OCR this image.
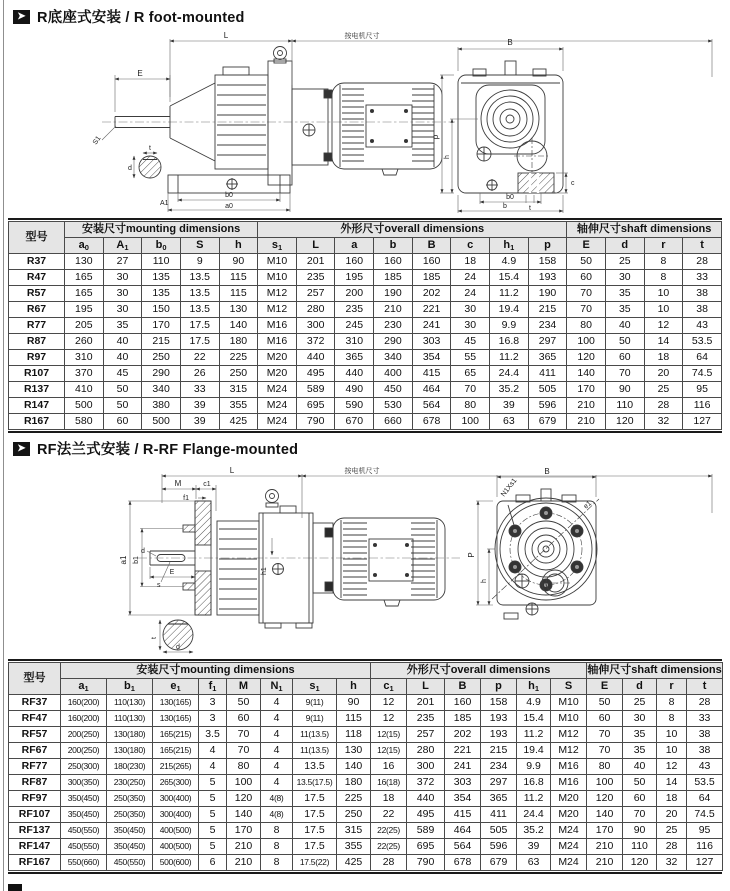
➤
R底座式安装 / R foot-mounted
L	按电机尺寸
E
S1
t
d
A1
b0
a0
B
p
h
c
t
b0
b
型号	安装尺寸mounting dimensions					外形尺寸overall dimensions								轴伸尺寸shaft dimensions			
	$a_0$	$A_1$	$b_0$	S	h	$s_1$	L	a	b	B	c	$h_1$	p	E	d	r	t
R37	130	27	110	9	90	M10	201	160	160	160	18	4.9	158	50	25	8	28
R47	165	30	135	13.5	115	M10	235	195	185	185	24	15.4	193	60	30	8	33
R57	165	30	135	13.5	115	M12	257	200	190	202	24	11.2	190	70	35	10	38
R67	195	30	150	13.5	130	M12	280	235	210	221	30	19.4	215	70	35	10	38
R77	205	35	170	17.5	140	M16	300	245	230	241	30	9.9	234	80	40	12	43
R87	260	40	215	17.5	180	M16	372	310	290	303	45	16.8	297	100	50	14	53.5
R97	310	40	250	22	225	M20	440	365	340	354	55	11.2	365	120	60	18	64
R107	370	45	290	26	250	M20	495	440	400	415	65	24.4	411	140	70	20	74.5
R137	410	50	340	33	315	M24	589	490	450	464	70	35.2	505	170	90	25	95
R147	500	50	380	39	355	M24	695	590	530	564	80	39	596	210	110	28	116
R167	580	60	500	39	425	M24	790	670	660	678	100	63	679	210	120	32	127
➤
RF法兰式安装 / R-RF Flange-mounted
L	按电机尺寸
M	c1
f1
a1 b1
E
s
d
h1
t
d
B
P
h
N1Xs1
e1
型号	安装尺寸mounting dimensions								外形尺寸overall dimensions						轴伸尺寸shaft dimensions			
	$a_1$	$b_1$	$e_1$	$f_1$	M	$N_1$	$s_1$	h	$c_1$	L	B	p	$h_1$	S	E	d	r	t
RF37	160(200)	110(130)	130(165)	3	50	4	9(11)	90	12	201	160	158	4.9	M10	50	25	8	28
RF47	160(200)	110(130)	130(165)	3	60	4	9(11)	115	12	235	185	193	15.4	M10	60	30	8	33
RF57	200(250)	130(180)	165(215)	3.5	70	4	11(13.5)	118	12(15)	257	202	193	11.2	M12	70	35	10	38
RF67	200(250)	130(180)	165(215)	4	70	4	11(13.5)	130	12(15)	280	221	215	19.4	M12	70	35	10	38
RF77	250(300)	180(230)	215(265)	4	80	4	13.5	140	16	300	241	234	9.9	M16	80	40	12	43
RF87	300(350)	230(250)	265(300)	5	100	4	13.5(17.5)	180	16(18)	372	303	297	16.8	M16	100	50	14	53.5
RF97	350(450)	250(350)	300(400)	5	120	4(8)	17.5	225	18	440	354	365	11.2	M20	120	60	18	64
RF107	350(450)	250(350)	300(400)	5	140	4(8)	17.5	250	22	495	415	411	24.4	M20	140	70	20	74.5
RF137	450(550)	350(450)	400(500)	5	170	8	17.5	315	22(25)	589	464	505	35.2	M24	170	90	25	95
RF147	450(550)	350(450)	400(500)	5	210	8	17.5	355	22(25)	695	564	596	39	M24	210	110	28	116
RF167	550(660)	450(550)	500(600)	6	210	8	17.5(22)	425	28	790	678	679	63	M24	210	120	32	127
